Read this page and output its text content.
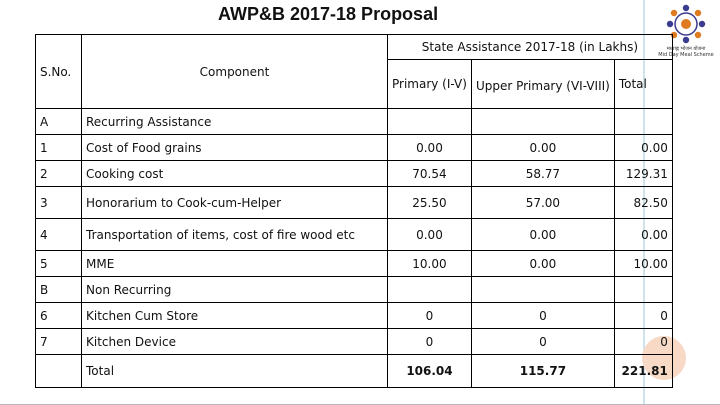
AWP&B 2017-18 Proposal
मध्याह्न भोजन योजना
Mid Day Meal Scheme
S.No.	Component	State Assistance 2017-18 (in Lakhs)		
		Primary (I-V)	Upper Primary (VI-VIII)	Total
A	Recurring Assistance			
1	Cost of Food grains	0.00	0.00	0.00
2	Cooking cost	70.54	58.77	129.31
3	Honorarium to Cook-cum-Helper	25.50	57.00	82.50
4	Transportation of items, cost of fire wood etc	0.00	0.00	0.00
5	MME	10.00	0.00	10.00
B	Non Recurring			
6	Kitchen Cum Store	0	0	0
7	Kitchen Device	0	0	0
	Total	106.04	115.77	221.81
